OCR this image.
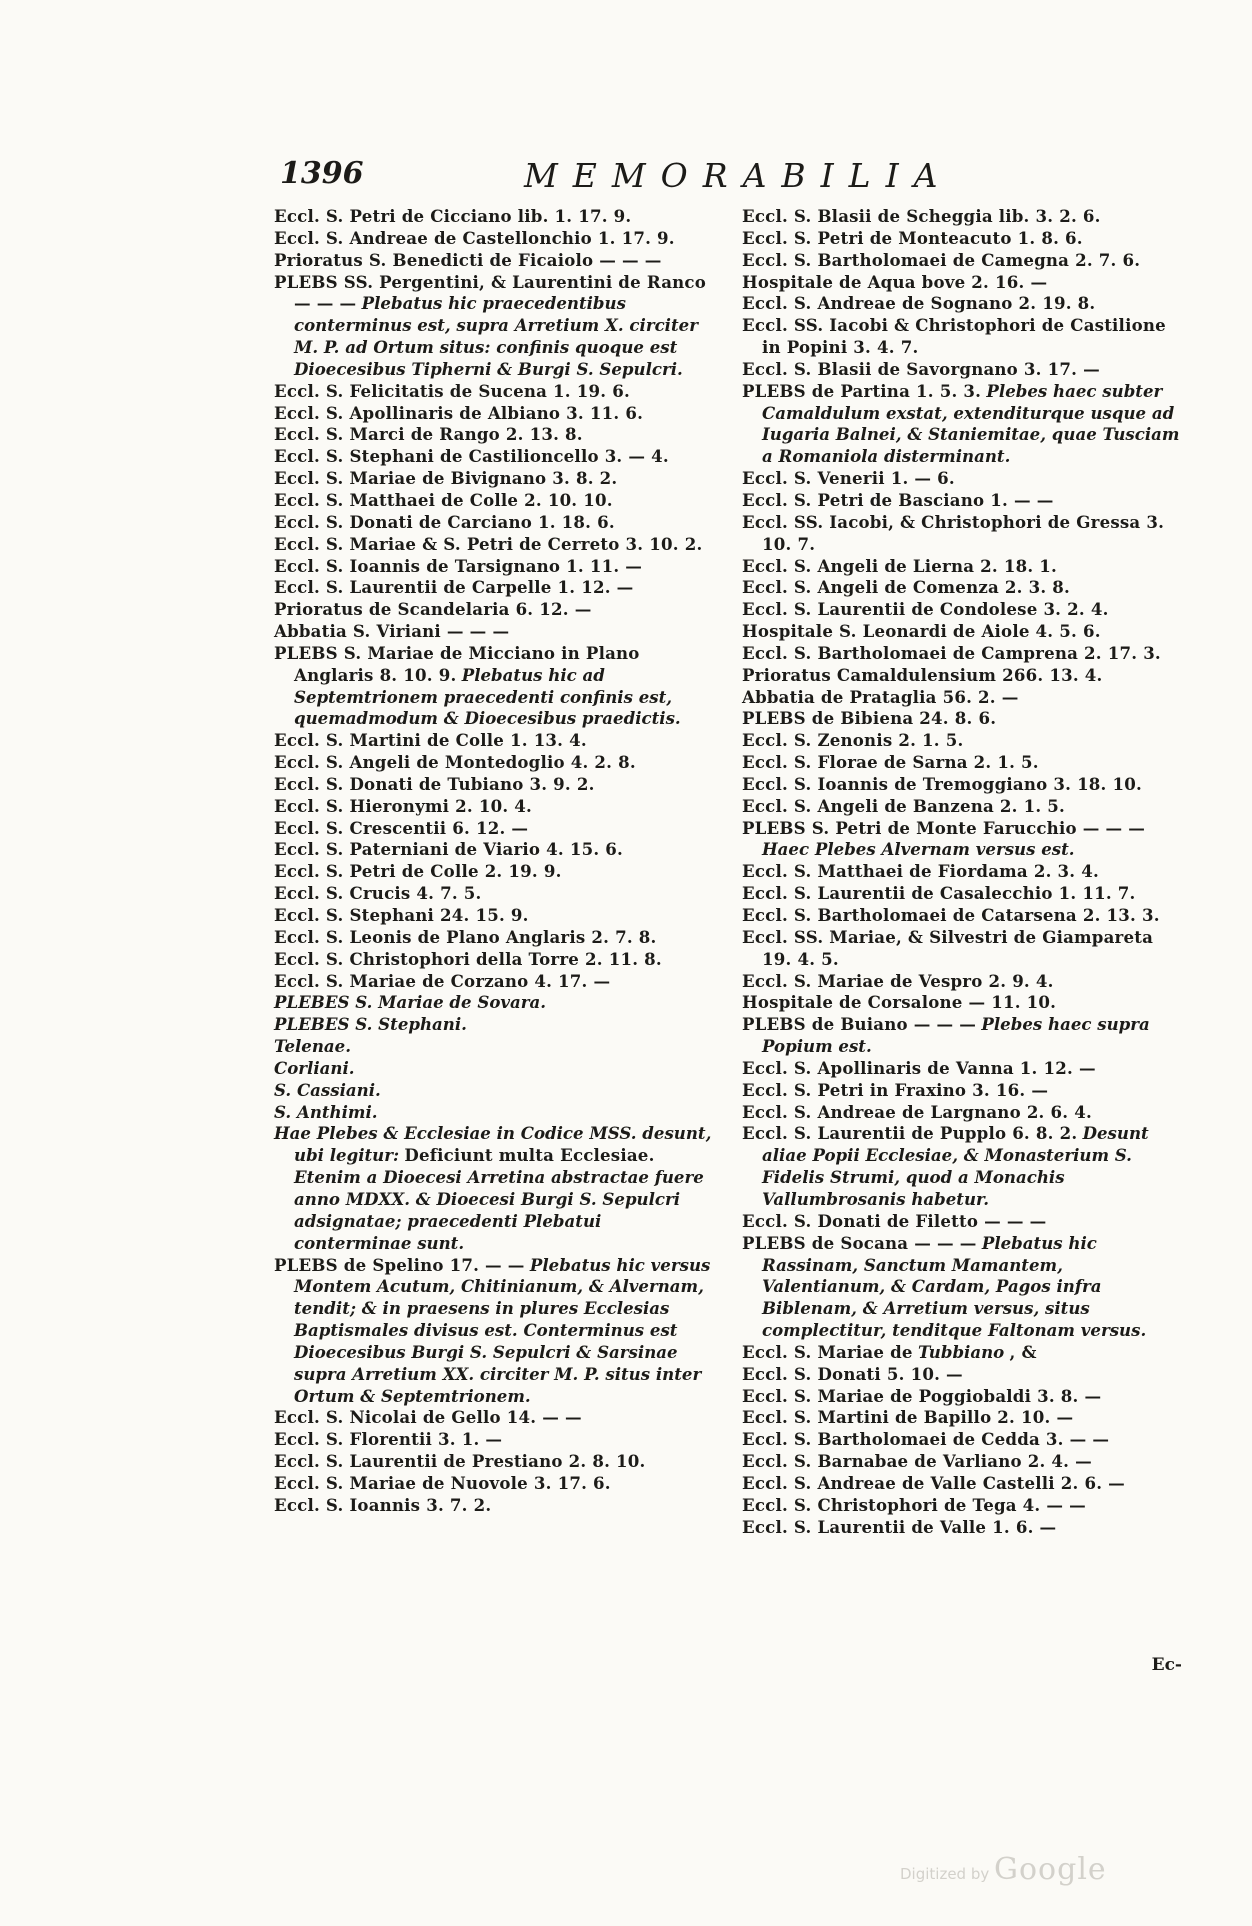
1396	MEMORABILIA

Eccl. S. Petri de Cicciano lib. 1. 17. 9.

Eccl. S. Andreae de Castellonchio 1. 17. 9.

Prioratus S. Benedicti de Ficaiolo — — —

PLEBS SS. Pergentini, & Laurentini de Ranco — — — Plebatus hic praecedentibus conterminus est, supra Arretium X. circiter M. P. ad Ortum situs: confinis quoque est Dioecesibus Tipherni & Burgi S. Sepulcri.

Eccl. S. Felicitatis de Sucena 1. 19. 6.

Eccl. S. Apollinaris de Albiano 3. 11. 6.

Eccl. S. Marci de Rango 2. 13. 8.

Eccl. S. Stephani de Castilioncello 3. — 4.

Eccl. S. Mariae de Bivignano 3. 8. 2.

Eccl. S. Matthaei de Colle 2. 10. 10.

Eccl. S. Donati de Carciano 1. 18. 6.

Eccl. S. Mariae & S. Petri de Cerreto 3. 10. 2.

Eccl. S. Ioannis de Tarsignano 1. 11. —

Eccl. S. Laurentii de Carpelle 1. 12. —

Prioratus de Scandelaria 6. 12. —

Abbatia S. Viriani — — —

PLEBS S. Mariae de Micciano in Plano Anglaris 8. 10. 9. Plebatus hic ad Septemtrionem praecedenti confinis est, quemadmodum & Dioecesibus praedictis.

Eccl. S. Martini de Colle 1. 13. 4.

Eccl. S. Angeli de Montedoglio 4. 2. 8.

Eccl. S. Donati de Tubiano 3. 9. 2.

Eccl. S. Hieronymi 2. 10. 4.

Eccl. S. Crescentii 6. 12. —

Eccl. S. Paterniani de Viario 4. 15. 6.

Eccl. S. Petri de Colle 2. 19. 9.

Eccl. S. Crucis 4. 7. 5.

Eccl. S. Stephani 24. 15. 9.

Eccl. S. Leonis de Plano Anglaris 2. 7. 8.

Eccl. S. Christophori della Torre 2. 11. 8.

Eccl. S. Mariae de Corzano 4. 17. —

PLEBES S. Mariae de Sovara.

PLEBES S. Stephani.

Telenae.

Corliani.

S. Cassiani.

S. Anthimi.

Hae Plebes & Ecclesiae in Codice MSS. desunt, ubi legitur: Deficiunt multa Ecclesiae. Etenim a Dioecesi Arretina abstractae fuere anno MDXX. & Dioecesi Burgi S. Sepulcri adsignatae; praecedenti Plebatui conterminae sunt.

PLEBS de Spelino 17. — — Plebatus hic versus Montem Acutum, Chitinianum, & Alvernam, tendit; & in praesens in plures Ecclesias Baptismales divisus est. Conterminus est Dioecesibus Burgi S. Sepulcri & Sarsinae supra Arretium XX. circiter M. P. situs inter Ortum & Septemtrionem.

Eccl. S. Nicolai de Gello 14. — —

Eccl. S. Florentii 3. 1. —

Eccl. S. Laurentii de Prestiano 2. 8. 10.

Eccl. S. Mariae de Nuovole 3. 17. 6.

Eccl. S. Ioannis 3. 7. 2.

Eccl. S. Blasii de Scheggia lib. 3. 2. 6.

Eccl. S. Petri de Monteacuto 1. 8. 6.

Eccl. S. Bartholomaei de Camegna 2. 7. 6.

Hospitale de Aqua bove 2. 16. —

Eccl. S. Andreae de Sognano 2. 19. 8.

Eccl. SS. Iacobi & Christophori de Castilione in Popini 3. 4. 7.

Eccl. S. Blasii de Savorgnano 3. 17. —

PLEBS de Partina 1. 5. 3. Plebes haec subter Camaldulum exstat, extenditurque usque ad Iugaria Balnei, & Staniemitae, quae Tusciam a Romaniola disterminant.

Eccl. S. Venerii 1. — 6.

Eccl. S. Petri de Basciano 1. — —

Eccl. SS. Iacobi, & Christophori de Gressa 3. 10. 7.

Eccl. S. Angeli de Lierna 2. 18. 1.

Eccl. S. Angeli de Comenza 2. 3. 8.

Eccl. S. Laurentii de Condolese 3. 2. 4.

Hospitale S. Leonardi de Aiole 4. 5. 6.

Eccl. S. Bartholomaei de Camprena 2. 17. 3.

Prioratus Camaldulensium 266. 13. 4.

Abbatia de Prataglia 56. 2. —

PLEBS de Bibiena 24. 8. 6.

Eccl. S. Zenonis 2. 1. 5.

Eccl. S. Florae de Sarna 2. 1. 5.

Eccl. S. Ioannis de Tremoggiano 3. 18. 10.

Eccl. S. Angeli de Banzena 2. 1. 5.

PLEBS S. Petri de Monte Farucchio — — — Haec Plebes Alvernam versus est.

Eccl. S. Matthaei de Fiordama 2. 3. 4.

Eccl. S. Laurentii de Casalecchio 1. 11. 7.

Eccl. S. Bartholomaei de Catarsena 2. 13. 3.

Eccl. SS. Mariae, & Silvestri de Giampareta 19. 4. 5.

Eccl. S. Mariae de Vespro 2. 9. 4.

Hospitale de Corsalone — 11. 10.

PLEBS de Buiano — — — Plebes haec supra Popium est.

Eccl. S. Apollinaris de Vanna 1. 12. —

Eccl. S. Petri in Fraxino 3. 16. —

Eccl. S. Andreae de Largnano 2. 6. 4.

Eccl. S. Laurentii de Pupplo 6. 8. 2. Desunt aliae Popii Ecclesiae, & Monasterium S. Fidelis Strumi, quod a Monachis Vallumbrosanis habetur.

Eccl. S. Donati de Filetto — — —

PLEBS de Socana — — — Plebatus hic Rassinam, Sanctum Mamantem, Valentianum, & Cardam, Pagos infra Biblenam, & Arretium versus, situs complectitur, tenditque Faltonam versus.

Eccl. S. Mariae de Tubbiano , &

Eccl. S. Donati 5. 10. —

Eccl. S. Mariae de Poggiobaldi 3. 8. —

Eccl. S. Martini de Bapillo 2. 10. —

Eccl. S. Bartholomaei de Cedda 3. — —

Eccl. S. Barnabae de Varliano 2. 4. —

Eccl. S. Andreae de Valle Castelli 2. 6. —

Eccl. S. Christophori de Tega 4. — —

Eccl. S. Laurentii de Valle 1. 6. —

Ec-
Digitized by Google
